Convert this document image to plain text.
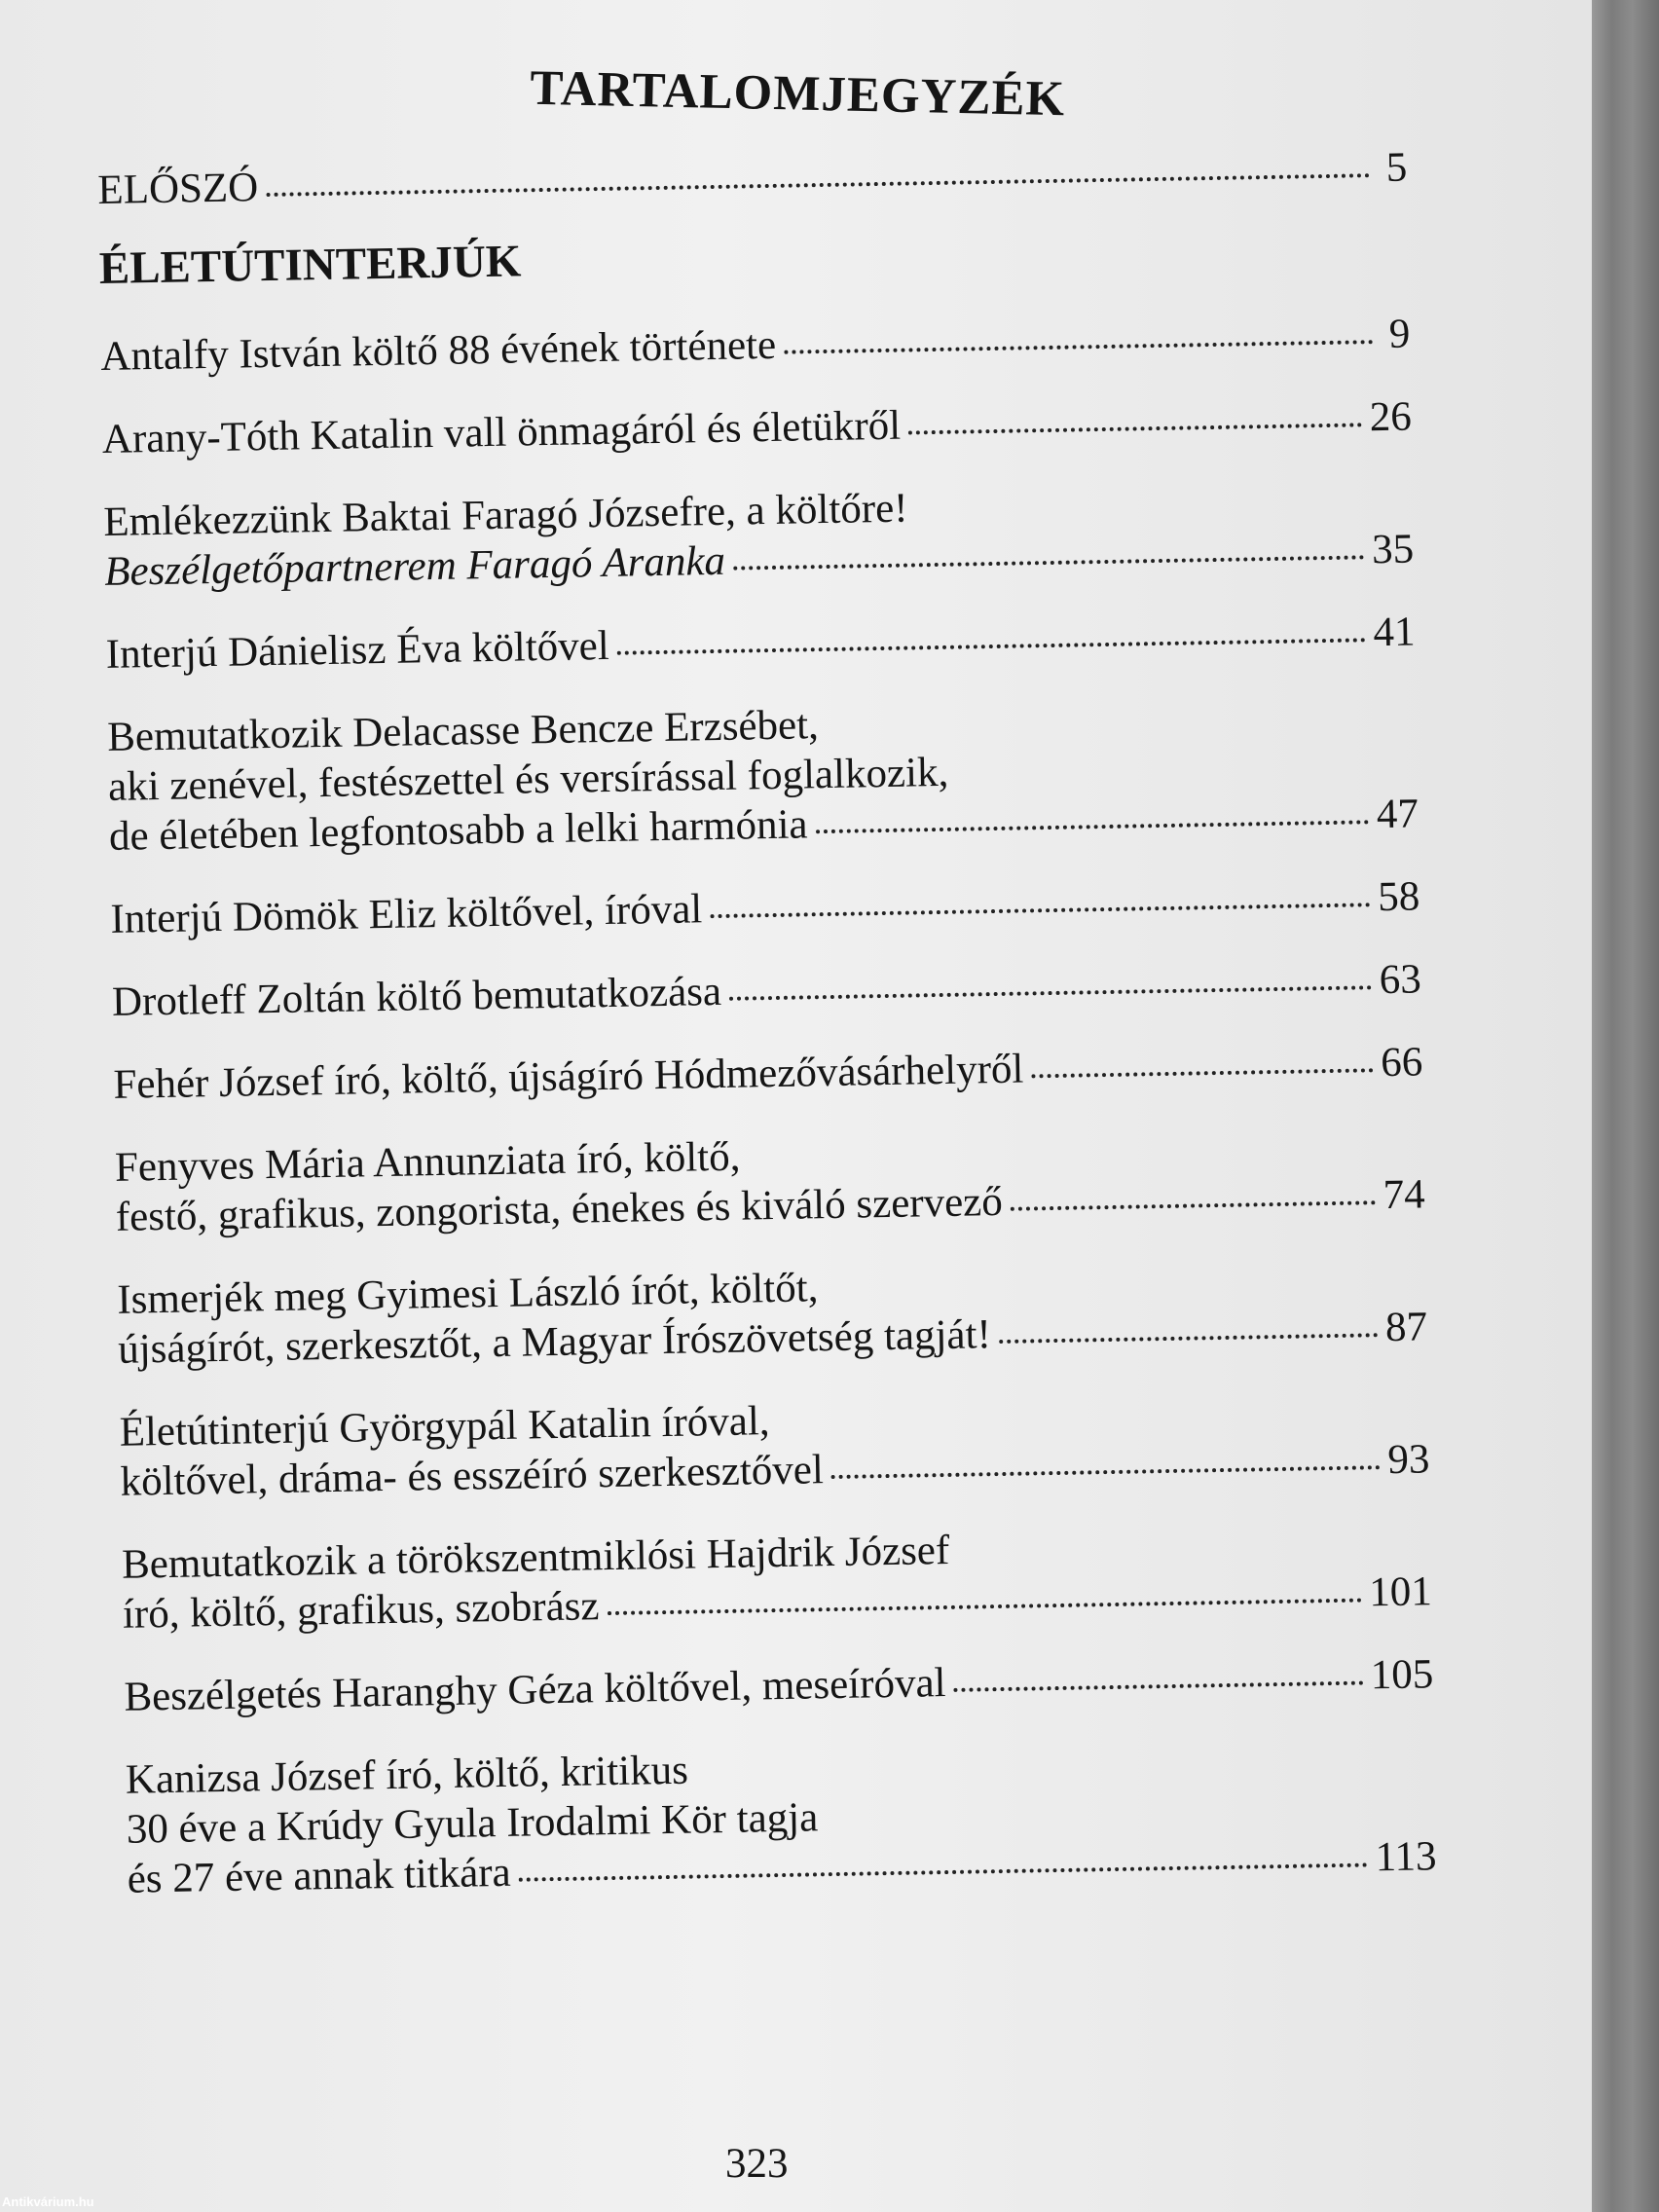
TARTALOMJEGYZÉK
ELŐSZÓ	5
ÉLETÚTINTERJÚK
Antalfy István költő 88 évének története	9
Arany-Tóth Katalin vall önmagáról és életükről	26
Emlékezzünk Baktai Faragó Józsefre, a költőre!
Beszélgetőpartnerem Faragó Aranka	35
Interjú Dánielisz Éva költővel	41
Bemutatkozik Delacasse Bencze Erzsébet,
aki zenével, festészettel és versírással foglalkozik,
de életében legfontosabb a lelki harmónia	47
Interjú Dömök Eliz költővel, íróval	58
Drotleff Zoltán költő bemutatkozása	63
Fehér József író, költő, újságíró Hódmezővásárhelyről	66
Fenyves Mária Annunziata író, költő,
festő, grafikus, zongorista, énekes és kiváló szervező	74
Ismerjék meg Gyimesi László írót, költőt,
újságírót, szerkesztőt, a Magyar Írószövetség tagját!	87
Életútinterjú Györgypál Katalin íróval,
költővel, dráma- és esszéíró szerkesztővel	93
Bemutatkozik a törökszentmiklósi Hajdrik József
író, költő, grafikus, szobrász	101
Beszélgetés Haranghy Géza költővel, meseíróval	105
Kanizsa József író, költő, kritikus
30 éve a Krúdy Gyula Irodalmi Kör tagja
és 27 éve annak titkára	113
323
Antikvárium.hu
